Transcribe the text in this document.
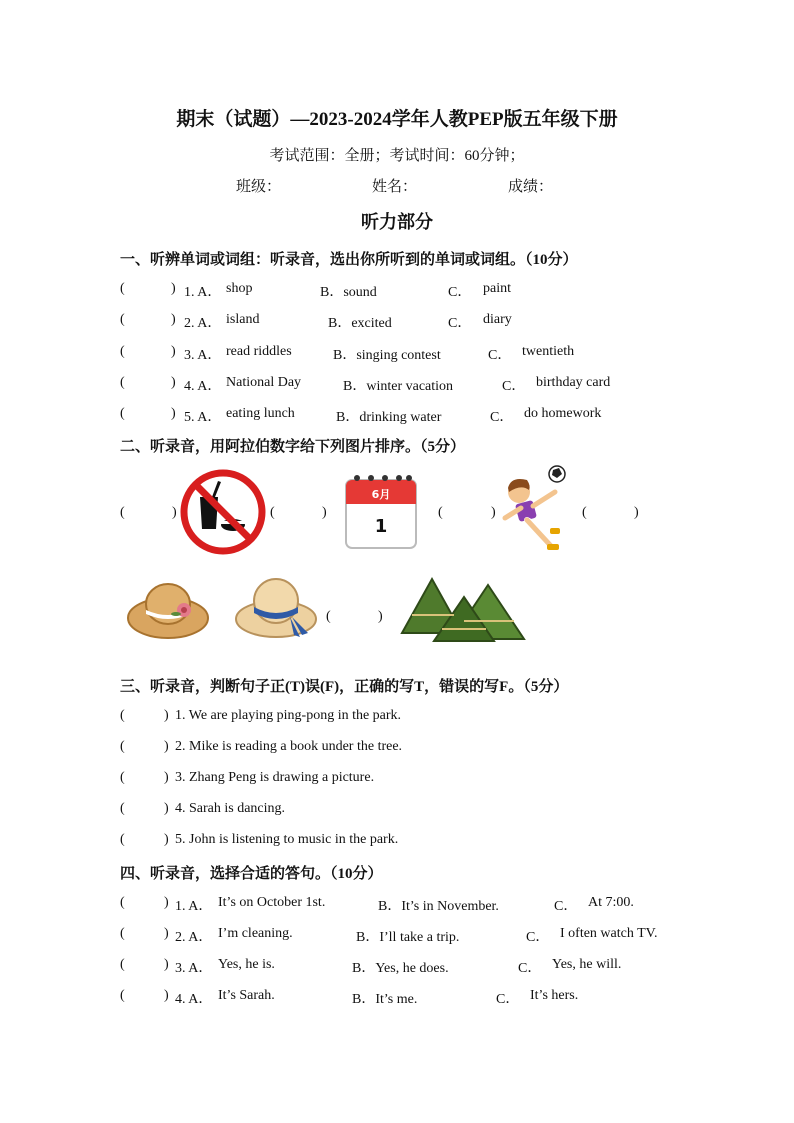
期末（试题）—2023-2024学年人教PEP版五年级下册
考试范围：全册；考试时间：60分钟；
班级：	姓名：	成绩：
听力部分
一、听辨单词或词组：听录音，选出你所听到的单词或词组。（10分）
(	) 1. A． shop	B．sound	C． paint
(	) 2. A． island	B．excited	C． diary
(	) 3. A． read riddles	B．singing contest	C． twentieth
(	) 4. A． National Day	B．winter vacation	C． birthday card
(	) 5. A． eating lunch	B．drinking water	C． do homework
二、听录音，用阿拉伯数字给下列图片排序。（5分）
(	)	(	)
6月
1
(	)	(	)
(	)
三、听录音，判断句子正(T)误(F)，正确的写T，错误的写F。（5分）
(	) 1. We are playing ping-pong in the park.
(	) 2. Mike is reading a book under the tree.
(	) 3. Zhang Peng is drawing a picture.
(	) 4. Sarah is dancing.
(	) 5. John is listening to music in the park.
四、听录音，选择合适的答句。（10分）
(	) 1. A． It’s on October 1st.	B．It’s in November.	C． At 7:00.
(	) 2. A． I’m cleaning.	B．I’ll take a trip.	C． I often watch TV.
(	) 3. A． Yes, he is.	B．Yes, he does.	C． Yes, he will.
(	) 4. A． It’s Sarah.	B．It’s me.	C． It’s hers.
